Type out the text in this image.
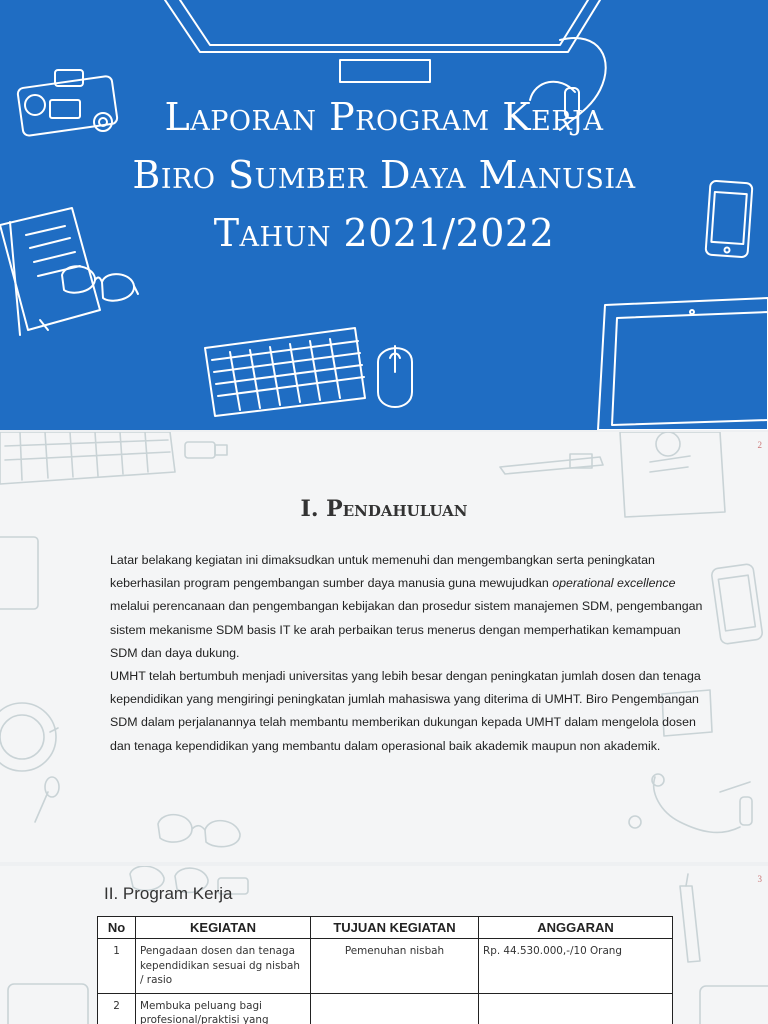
Laporan Program Kerja
Biro Sumber Daya Manusia
Tahun 2021/2022
2
I. Pendahuluan

Latar belakang kegiatan ini dimaksudkan untuk memenuhi dan mengembangkan serta peningkatan keberhasilan program pengembangan sumber daya manusia guna mewujudkan operational excellence melalui perencanaan dan pengembangan kebijakan dan prosedur sistem manajemen SDM, pengembangan sistem mekanisme SDM basis IT ke arah perbaikan terus menerus dengan memperhatikan kemampuan SDM dan daya dukung.

UMHT telah bertumbuh menjadi universitas yang lebih besar dengan peningkatan jumlah dosen dan tenaga kependidikan yang mengiringi peningkatan jumlah mahasiswa yang diterima di UMHT. Biro Pengembangan SDM dalam perjalanannya telah membantu memberikan dukungan kepada UMHT dalam mengelola dosen dan tenaga kependidikan yang membantu dalam operasional baik akademik maupun non akademik.

3
II. Program Kerja
No	KEGIATAN	TUJUAN KEGIATAN	ANGGARAN
1	Pengadaan dosen dan tenaga kependidikan sesuai dg nisbah / rasio	Pemenuhan nisbah	Rp. 44.530.000,-/10 Orang
2	Membuka peluang bagi profesional/praktisi yang		
